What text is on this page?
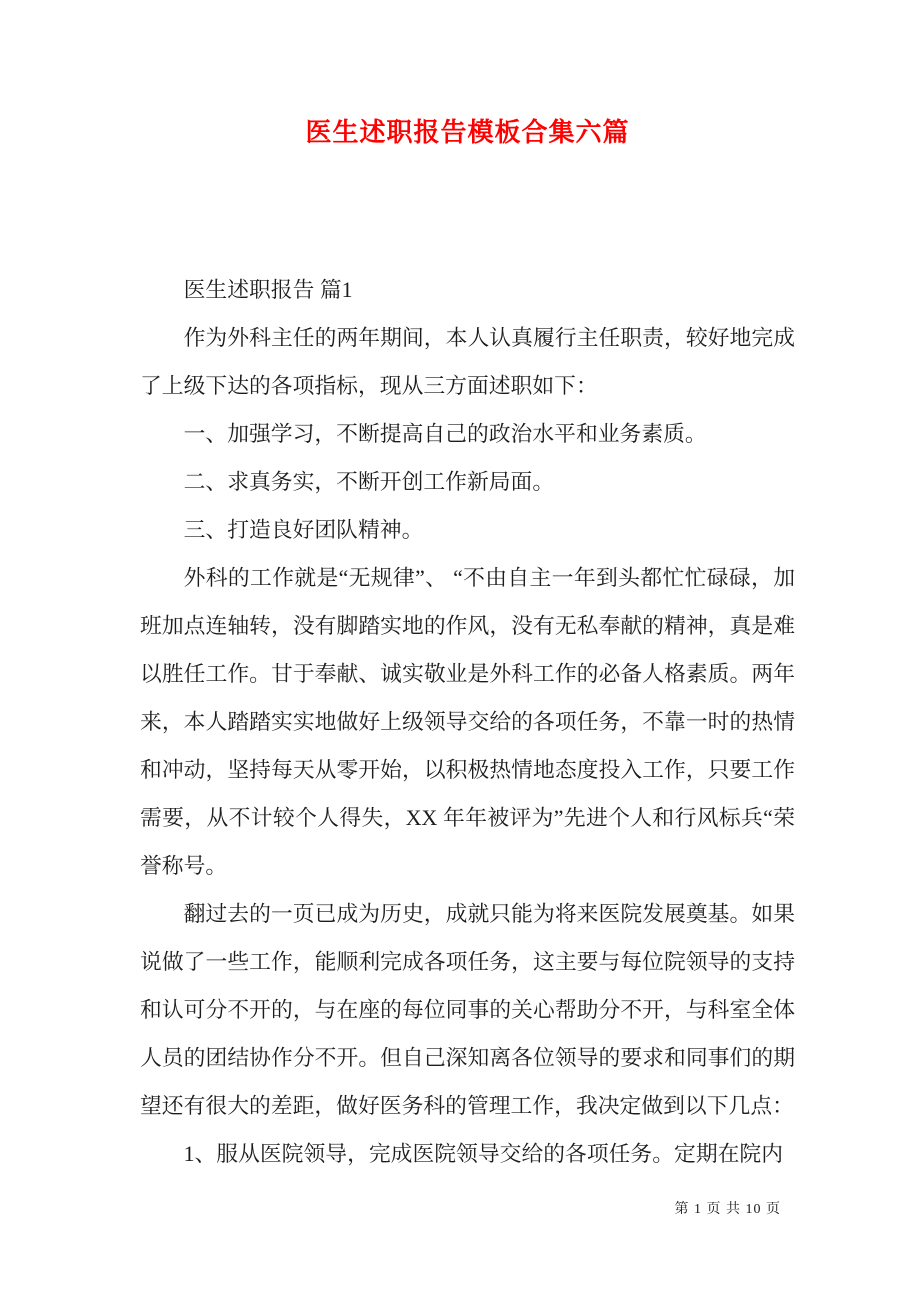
医生述职报告模板合集六篇

医生述职报告 篇1

作为外科主任的两年期间，本人认真履行主任职责，较好地完成了上级下达的各项指标，现从三方面述职如下：

一、加强学习，不断提高自己的政治水平和业务素质。

二、求真务实，不断开创工作新局面。

三、打造良好团队精神。

外科的工作就是“无规律”、 “不由自主一年到头都忙忙碌碌，加班加点连轴转，没有脚踏实地的作风，没有无私奉献的精神，真是难以胜任工作。甘于奉献、诚实敬业是外科工作的必备人格素质。两年来，本人踏踏实实地做好上级领导交给的各项任务，不靠一时的热情和冲动，坚持每天从零开始，以积极热情地态度投入工作，只要工作需要，从不计较个人得失，XX 年年被评为”先进个人和行风标兵“荣誉称号。

翻过去的一页已成为历史，成就只能为将来医院发展奠基。如果说做了一些工作，能顺利完成各项任务，这主要与每位院领导的支持和认可分不开的，与在座的每位同事的关心帮助分不开，与科室全体人员的团结协作分不开。但自己深知离各位领导的要求和同事们的期望还有很大的差距，做好医务科的管理工作，我决定做到以下几点：

1、服从医院领导，完成医院领导交给的各项任务。定期在院内

第 1 页 共 10 页
